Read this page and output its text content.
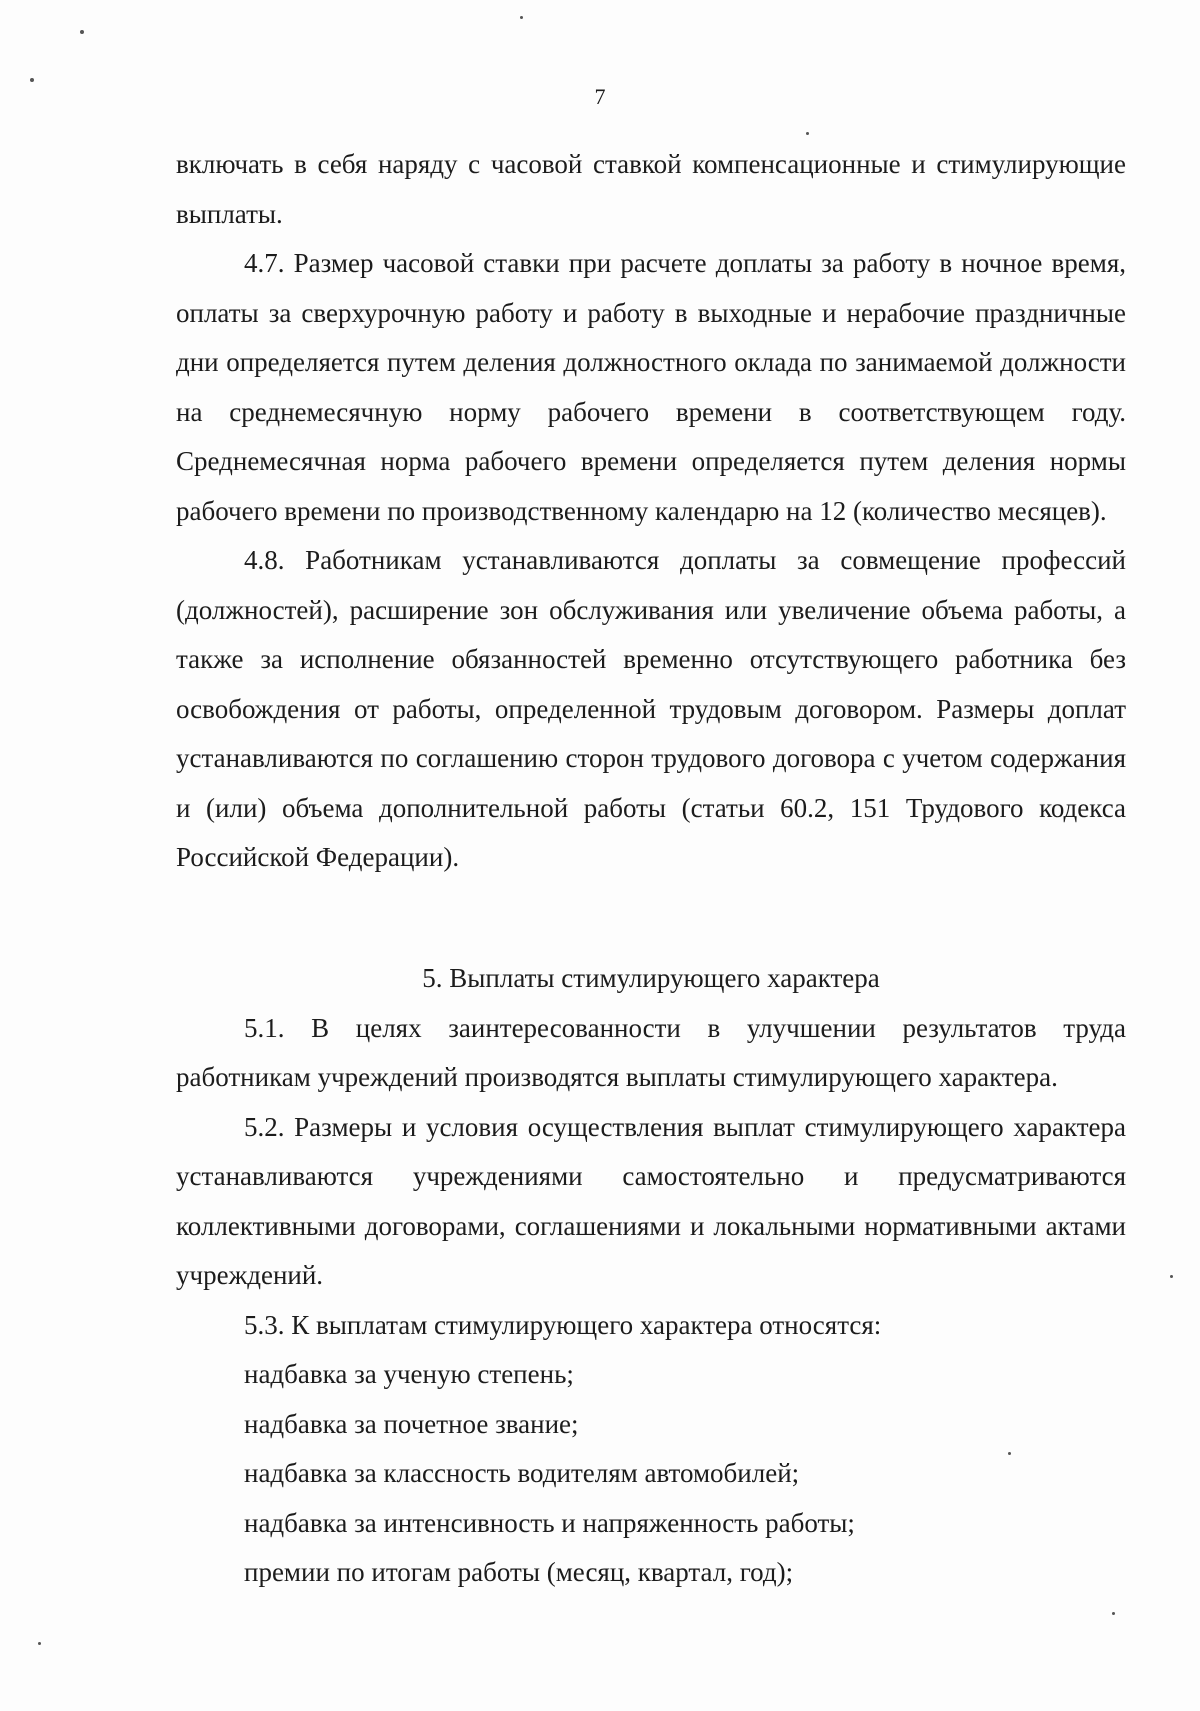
7

включать в себя наряду с часовой ставкой компенсационные и стимулирующие выплаты.

4.7. Размер часовой ставки при расчете доплаты за работу в ночное время, оплаты за сверхурочную работу и работу в выходные и нерабочие праздничные дни определяется путем деления должностного оклада по занимаемой должности на среднемесячную норму рабочего времени в соответствующем году. Среднемесячная норма рабочего времени определяется путем деления нормы рабочего времени по производственному календарю на 12 (количество месяцев).

4.8. Работникам устанавливаются доплаты за совмещение профессий (должностей), расширение зон обслуживания или увеличение объема работы, а также за исполнение обязанностей временно отсутствующего работника без освобождения от работы, определенной трудовым договором. Размеры доплат устанавливаются по соглашению сторон трудового договора с учетом содержания и (или) объема дополнительной работы (статьи 60.2, 151 Трудового кодекса Российской Федерации).

5. Выплаты стимулирующего характера

5.1. В целях заинтересованности в улучшении результатов труда работникам учреждений производятся выплаты стимулирующего характера.

5.2. Размеры и условия осуществления выплат стимулирующего характера устанавливаются учреждениями самостоятельно и предусматриваются коллективными договорами, соглашениями и локальными нормативными актами учреждений.

5.3. К выплатам стимулирующего характера относятся:

надбавка за ученую степень;

надбавка за почетное звание;

надбавка за классность водителям автомобилей;

надбавка за интенсивность и напряженность работы;

премии по итогам работы (месяц, квартал, год);
